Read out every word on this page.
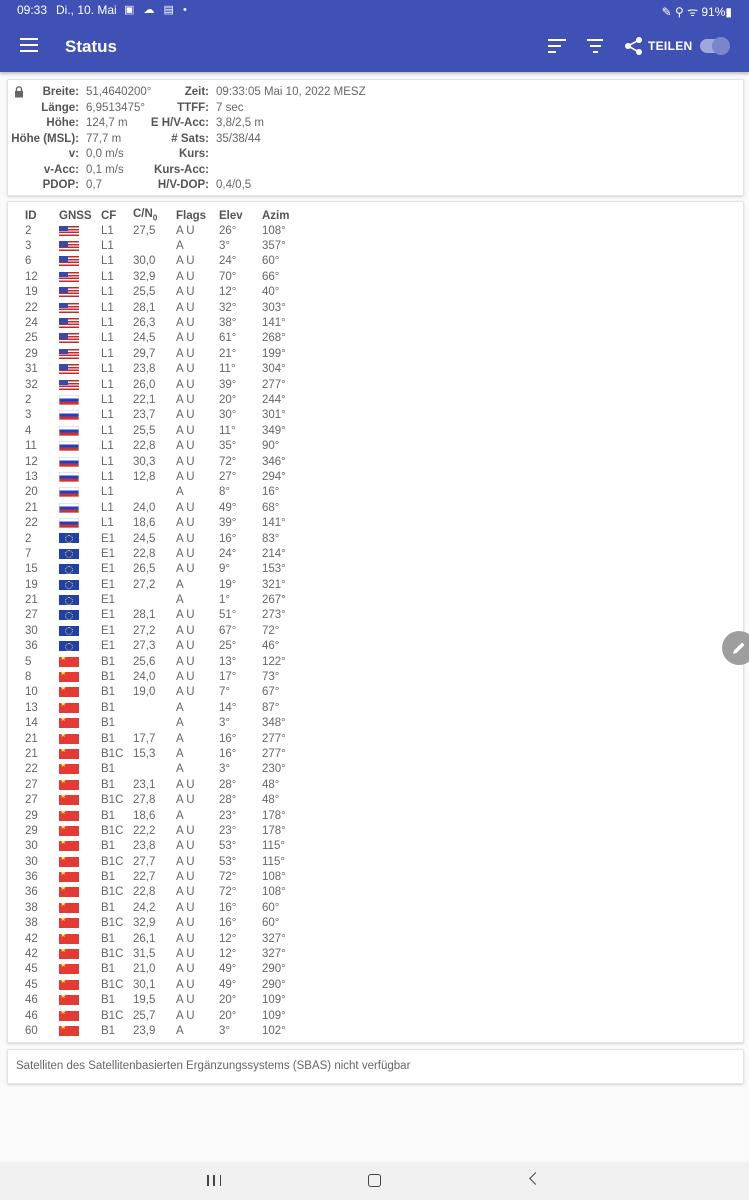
09:33 Di., 10. Mai ▣ ☁ ▤ •	✎ ⚲ ᯤ 91%▮
Status	TEILEN
Breite: 51,4640200°
Länge: 6,9513475°
Höhe: 124,7 m
Höhe (MSL): 77,7 m
v: 0,0 m/s
v-Acc: 0,1 m/s
PDOP: 0,7
Zeit: 09:33:05 Mai 10, 2022 MESZ
TTFF: 7 sec
E H/V-Acc: 3,8/2,5 m
# Sats: 35/38/44
Kurs:
Kurs-Acc:
H/V-DOP: 0,4/0,5
ID	GNSS	CF	$C/N_0$	Flags	Elev	Azim
2		L1	27,5	A U	26°	108°
3		L1		A	3°	357°
6		L1	30,0	A U	24°	60°
12		L1	32,9	A U	70°	66°
19		L1	25,5	A U	12°	40°
22		L1	28,1	A U	32°	303°
24		L1	26,3	A U	38°	141°
25		L1	24,5	A U	61°	268°
29		L1	29,7	A U	21°	199°
31		L1	23,8	A U	11°	304°
32		L1	26,0	A U	39°	277°
2		L1	22,1	A U	20°	244°
3		L1	23,7	A U	30°	301°
4		L1	25,5	A U	11°	349°
11		L1	22,8	A U	35°	90°
12		L1	30,3	A U	72°	346°
13		L1	12,8	A U	27°	294°
20		L1		A	8°	16°
21		L1	24,0	A U	49°	68°
22		L1	18,6	A U	39°	141°
2		E1	24,5	A U	16°	83°
7		E1	22,8	A U	24°	214°
15		E1	26,5	A U	9°	153°
19		E1	27,2	A	19°	321°
21		E1		A	1°	267°
27		E1	28,1	A U	51°	273°
30		E1	27,2	A U	67°	72°
36		E1	27,3	A U	25°	46°
5	★	B1	25,6	A U	13°	122°
8	★	B1	24,0	A U	17°	73°
10	★	B1	19,0	A U	7°	67°
13	★	B1		A	14°	87°
14	★	B1		A	3°	348°
21	★	B1	17,7	A	16°	277°
21	★	B1C	15,3	A	16°	277°
22	★	B1		A	3°	230°
27	★	B1	23,1	A U	28°	48°
27	★	B1C	27,8	A U	28°	48°
29	★	B1	18,6	A	23°	178°
29	★	B1C	22,2	A U	23°	178°
30	★	B1	23,8	A U	53°	115°
30	★	B1C	27,7	A U	53°	115°
36	★	B1	22,7	A U	72°	108°
36	★	B1C	22,8	A U	72°	108°
38	★	B1	24,2	A U	16°	60°
38	★	B1C	32,9	A U	16°	60°
42	★	B1	26,1	A U	12°	327°
42	★	B1C	31,5	A U	12°	327°
45	★	B1	21,0	A U	49°	290°
45	★	B1C	30,1	A U	49°	290°
46	★	B1	19,5	A U	20°	109°
46	★	B1C	25,7	A U	20°	109°
60	★	B1	23,9	A	3°	102°
Satelliten des Satellitenbasierten Ergänzungssystems (SBAS) nicht verfügbar
